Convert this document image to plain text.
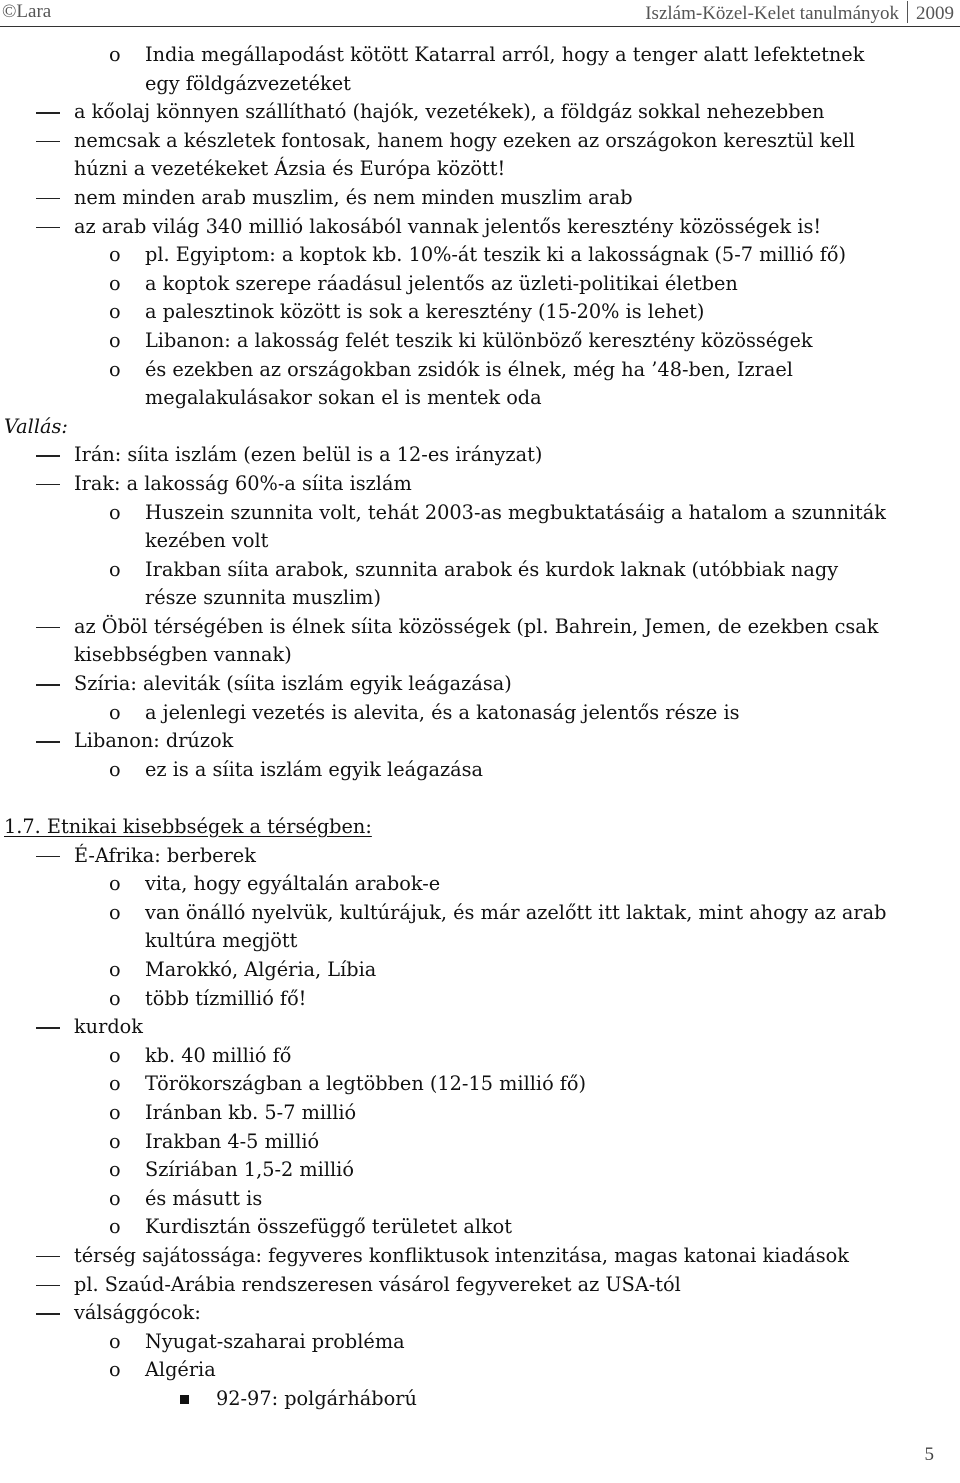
©Lara	Iszlám-Közel-Kelet tanulmányok 2009
o India megállapodást kötött Katarral arról, hogy a tenger alatt lefektetnek
egy földgázvezetéket
a kőolaj könnyen szállítható (hajók, vezetékek), a földgáz sokkal nehezebben
nemcsak a készletek fontosak, hanem hogy ezeken az országokon keresztül kell
húzni a vezetékeket Ázsia és Európa között!
nem minden arab muszlim, és nem minden muszlim arab
az arab világ 340 millió lakosából vannak jelentős keresztény közösségek is!
o pl. Egyiptom: a koptok kb. 10%-át teszik ki a lakosságnak (5-7 millió fő)
o a koptok szerepe ráadásul jelentős az üzleti-politikai életben
o a palesztinok között is sok a keresztény (15-20% is lehet)
o Libanon: a lakosság felét teszik ki különböző keresztény közösségek
o és ezekben az országokban zsidók is élnek, még ha ’48-ben, Izrael
megalakulásakor sokan el is mentek oda
Vallás:
Irán: síita iszlám (ezen belül is a 12-es irányzat)
Irak: a lakosság 60%-a síita iszlám
o Huszein szunnita volt, tehát 2003-as megbuktatásáig a hatalom a szunniták
kezében volt
o Irakban síita arabok, szunnita arabok és kurdok laknak (utóbbiak nagy
része szunnita muszlim)
az Öböl térségében is élnek síita közösségek (pl. Bahrein, Jemen, de ezekben csak
kisebbségben vannak)
Szíria: aleviták (síita iszlám egyik leágazása)
o a jelenlegi vezetés is alevita, és a katonaság jelentős része is
Libanon: drúzok
o ez is a síita iszlám egyik leágazása
1.7. Etnikai kisebbségek a térségben:
É-Afrika: berberek
o vita, hogy egyáltalán arabok-e
o van önálló nyelvük, kultúrájuk, és már azelőtt itt laktak, mint ahogy az arab
kultúra megjött
o Marokkó, Algéria, Líbia
o több tízmillió fő!
kurdok
o kb. 40 millió fő
o Törökországban a legtöbben (12-15 millió fő)
o Iránban kb. 5-7 millió
o Irakban 4-5 millió
o Szíriában 1,5-2 millió
o és másutt is
o Kurdisztán összefüggő területet alkot
térség sajátossága: fegyveres konfliktusok intenzitása, magas katonai kiadások
pl. Szaúd-Arábia rendszeresen vásárol fegyvereket az USA-tól
válsággócok:
o Nyugat-szaharai probléma
o Algéria
92-97: polgárháború
5
